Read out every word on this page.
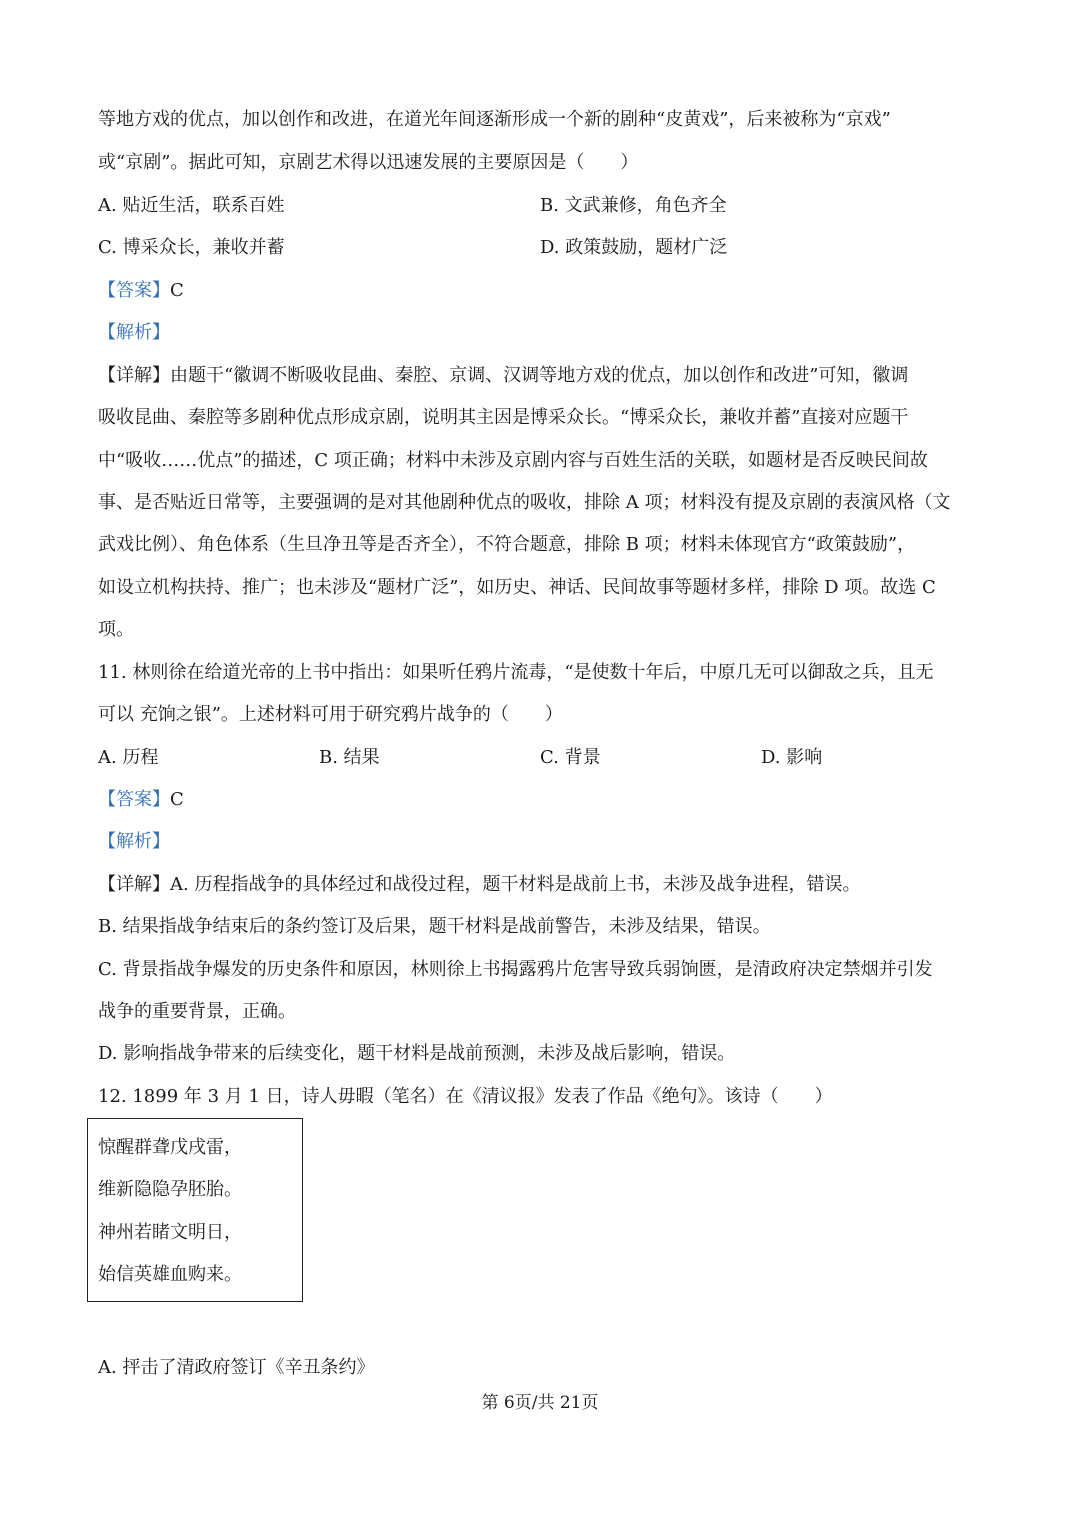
等地方戏的优点，加以创作和改进，在道光年间逐渐形成一个新的剧种“皮黄戏”，后来被称为“京戏”
或“京剧”。据此可知，京剧艺术得以迅速发展的主要原因是（　　）
A. 贴近生活，联系百姓	B. 文武兼修，角色齐全
C. 博采众长，兼收并蓄	D. 政策鼓励，题材广泛
【答案】C
【解析】
【详解】由题干“徽调不断吸收昆曲、秦腔、京调、汉调等地方戏的优点，加以创作和改进”可知，徽调
吸收昆曲、秦腔等多剧种优点形成京剧，说明其主因是博采众长。“博采众长，兼收并蓄”直接对应题干
中“吸收……优点”的描述，C 项正确；材料中未涉及京剧内容与百姓生活的关联，如题材是否反映民间故
事、是否贴近日常等，主要强调的是对其他剧种优点的吸收，排除 A 项；材料没有提及京剧的表演风格（文
武戏比例）、角色体系（生旦净丑等是否齐全），不符合题意，排除 B 项；材料未体现官方“政策鼓励”，
如设立机构扶持、推广；也未涉及“题材广泛”，如历史、神话、民间故事等题材多样，排除 D 项。故选 C
项。
11. 林则徐在给道光帝的上书中指出：如果听任鸦片流毒，“是使数十年后，中原几无可以御敌之兵，且无
可以 充饷之银”。上述材料可用于研究鸦片战争的（　　）
A. 历程	B. 结果	C. 背景	D. 影响
【答案】C
【解析】
【详解】A. 历程指战争的具体经过和战役过程，题干材料是战前上书，未涉及战争进程，错误。
B. 结果指战争结束后的条约签订及后果，题干材料是战前警告，未涉及结果，错误。
C. 背景指战争爆发的历史条件和原因，林则徐上书揭露鸦片危害导致兵弱饷匮，是清政府决定禁烟并引发
战争的重要背景，正确。
D. 影响指战争带来的后续变化，题干材料是战前预测，未涉及战后影响，错误。
12. 1899 年 3 月 1 日，诗人毋暇（笔名）在《清议报》发表了作品《绝句》。该诗（　　）
惊醒群聋戊戌雷，
维新隐隐孕胚胎。
神州若睹文明日，
始信英雄血购来。
A. 抨击了清政府签订《辛丑条约》
第 6页/共 21页
